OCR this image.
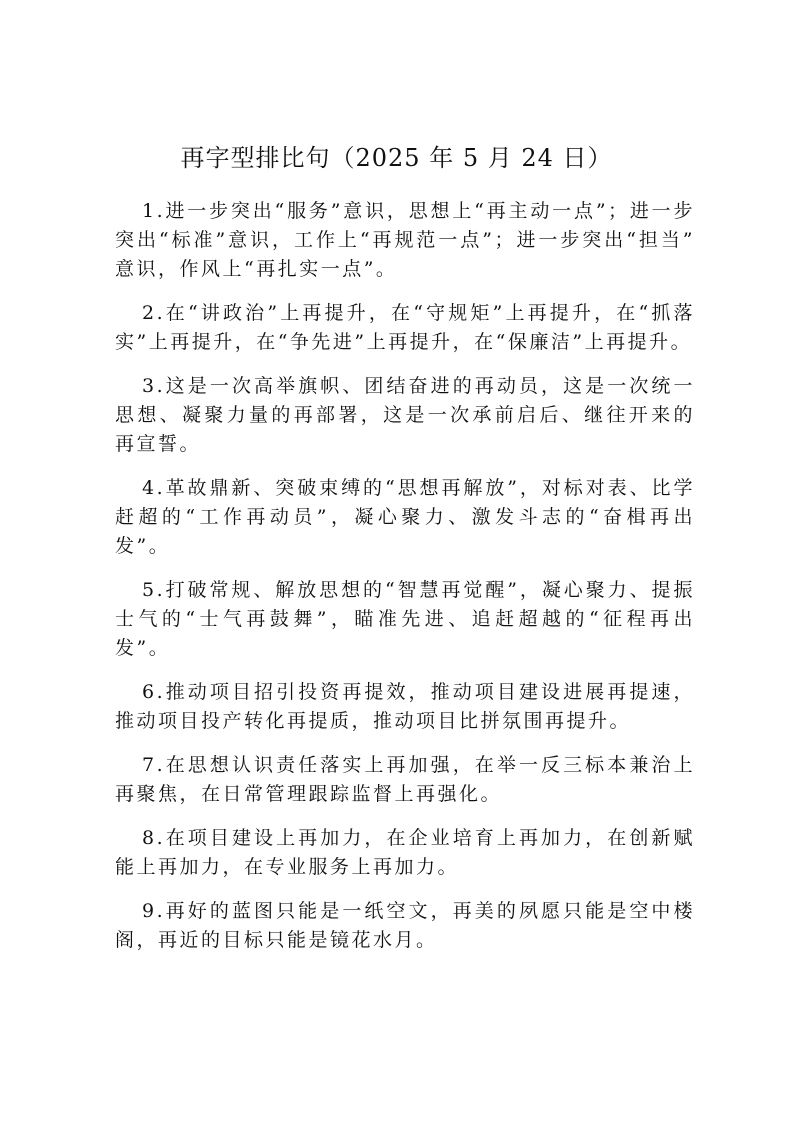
再字型排比句（2025 年 5 月 24 日）

1.进一步突出“服务”意识，思想上“再主动一点”；进一步突出“标准”意识，工作上“再规范一点”；进一步突出“担当”意识，作风上“再扎实一点”。

2.在“讲政治”上再提升，在“守规矩”上再提升，在“抓落实”上再提升，在“争先进”上再提升，在“保廉洁”上再提升。

3.这是一次高举旗帜、团结奋进的再动员，这是一次统一思想、凝聚力量的再部署，这是一次承前启后、继往开来的再宣誓。

4.革故鼎新、突破束缚的“思想再解放”，对标对表、比学赶超的“工作再动员”，凝心聚力、激发斗志的“奋楫再出发”。

5.打破常规、解放思想的“智慧再觉醒”，凝心聚力、提振士气的“士气再鼓舞”，瞄准先进、追赶超越的“征程再出发”。

6.推动项目招引投资再提效，推动项目建设进展再提速，推动项目投产转化再提质，推动项目比拼氛围再提升。

7.在思想认识责任落实上再加强，在举一反三标本兼治上再聚焦，在日常管理跟踪监督上再强化。

8.在项目建设上再加力，在企业培育上再加力，在创新赋能上再加力，在专业服务上再加力。

9.再好的蓝图只能是一纸空文，再美的夙愿只能是空中楼阁，再近的目标只能是镜花水月。
